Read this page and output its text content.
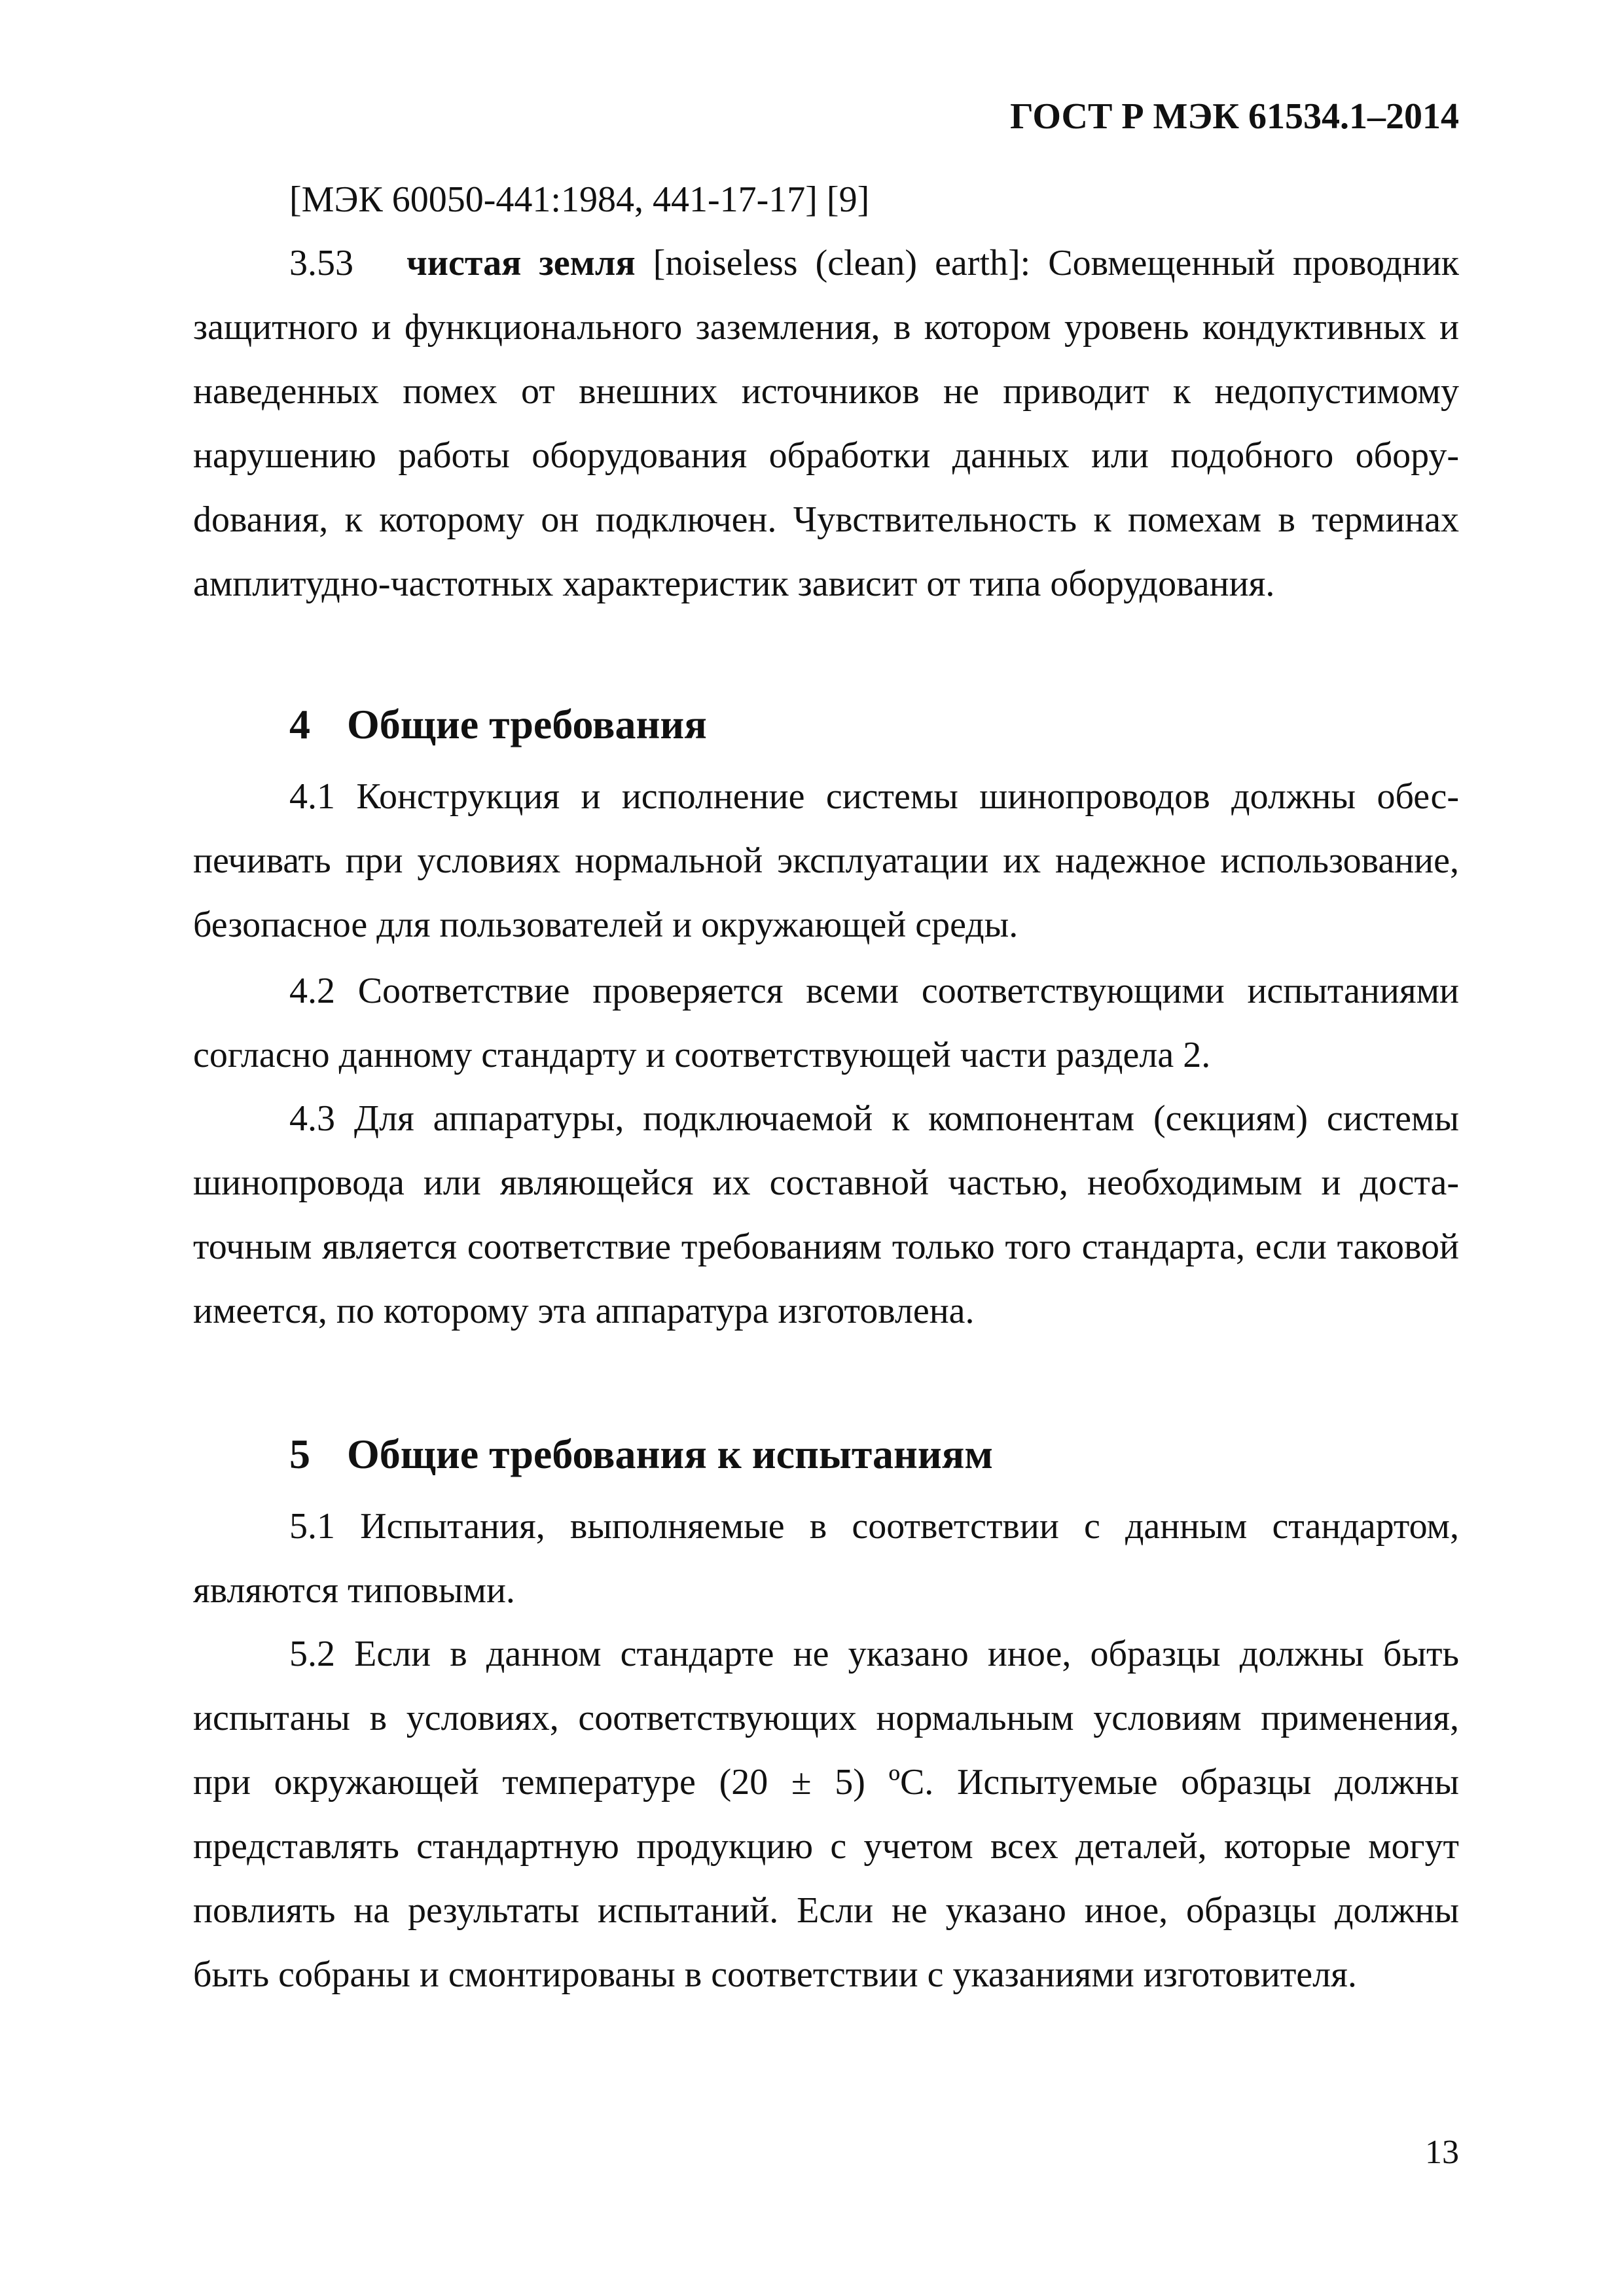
ГОСТ Р МЭК 61534.1–2014

[МЭК 60050-441:1984, 441-17-17] [9]

3.53 чистая земля [noiseless (clean) earth]: Совмещенный проводник защитного и функционального заземления, в котором уровень кондуктивных и наведенных помех от внешних источников не приводит к недопустимому нарушению работы оборудования обработки данных или подобного оборуdования, к которому он подключен. Чувствительность к помехам в терминах амплитудно-частотных характеристик зависит от типа оборудования.

4 Общие требования

4.1 Конструкция и исполнение системы шинопроводов должны обеспечивать при условиях нормальной эксплуатации их надежное использование, безопасное для пользователей и окружающей среды.

4.2 Соответствие проверяется всеми соответствующими испытаниями согласно данному стандарту и соответствующей части раздела 2.

4.3 Для аппаратуры, подключаемой к компонентам (секциям) системы шинопровода или являющейся их составной частью, необходимым и достаточным является соответствие требованиям только того стандарта, если таковой имеется, по которому эта аппаратура изготовлена.

5 Общие требования к испытаниям

5.1 Испытания, выполняемые в соответствии с данным стандартом, являются типовыми.

5.2 Если в данном стандарте не указано иное, образцы должны быть испытаны в условиях, соответствующих нормальным условиям применения, при окружающей температуре (20 ± 5) ºC. Испытуемые образцы должны представлять стандартную продукцию с учетом всех деталей, которые могут повлиять на результаты испытаний. Если не указано иное, образцы должны быть собраны и смонтированы в соответствии с указаниями изготовителя.

13
